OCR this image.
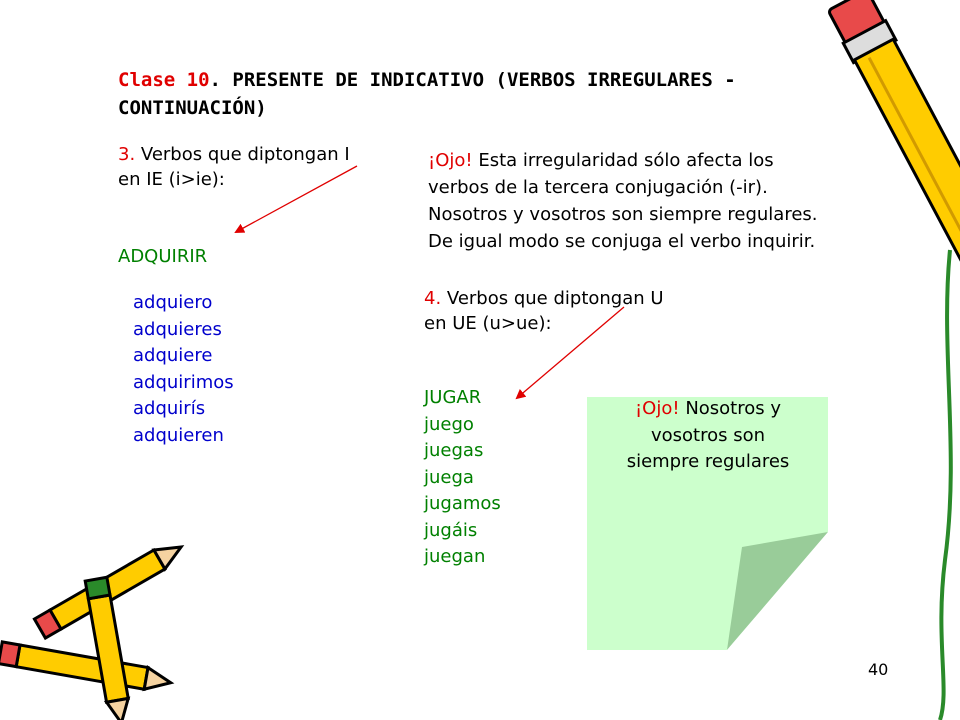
Clase 10. PRESENTE DE INDICATIVO (VERBOS IRREGULARES - CONTINUACIÓN)
3. Verbos que diptongan I
en IE (i>ie):
ADQUIRIR
adquiero
adquieres
adquiere
adquirimos
adquirís
adquieren
¡Ojo! Esta irregularidad sólo afecta los
verbos de la tercera conjugación (-ir).
Nosotros y vosotros son siempre regulares.
De igual modo se conjuga el verbo inquirir.
4. Verbos que diptongan U
en UE (u>ue):
¡Ojo! Nosotros y
vosotros son
siempre regulares
JUGAR
juego
juegas
juega
jugamos
jugáis
juegan
40
